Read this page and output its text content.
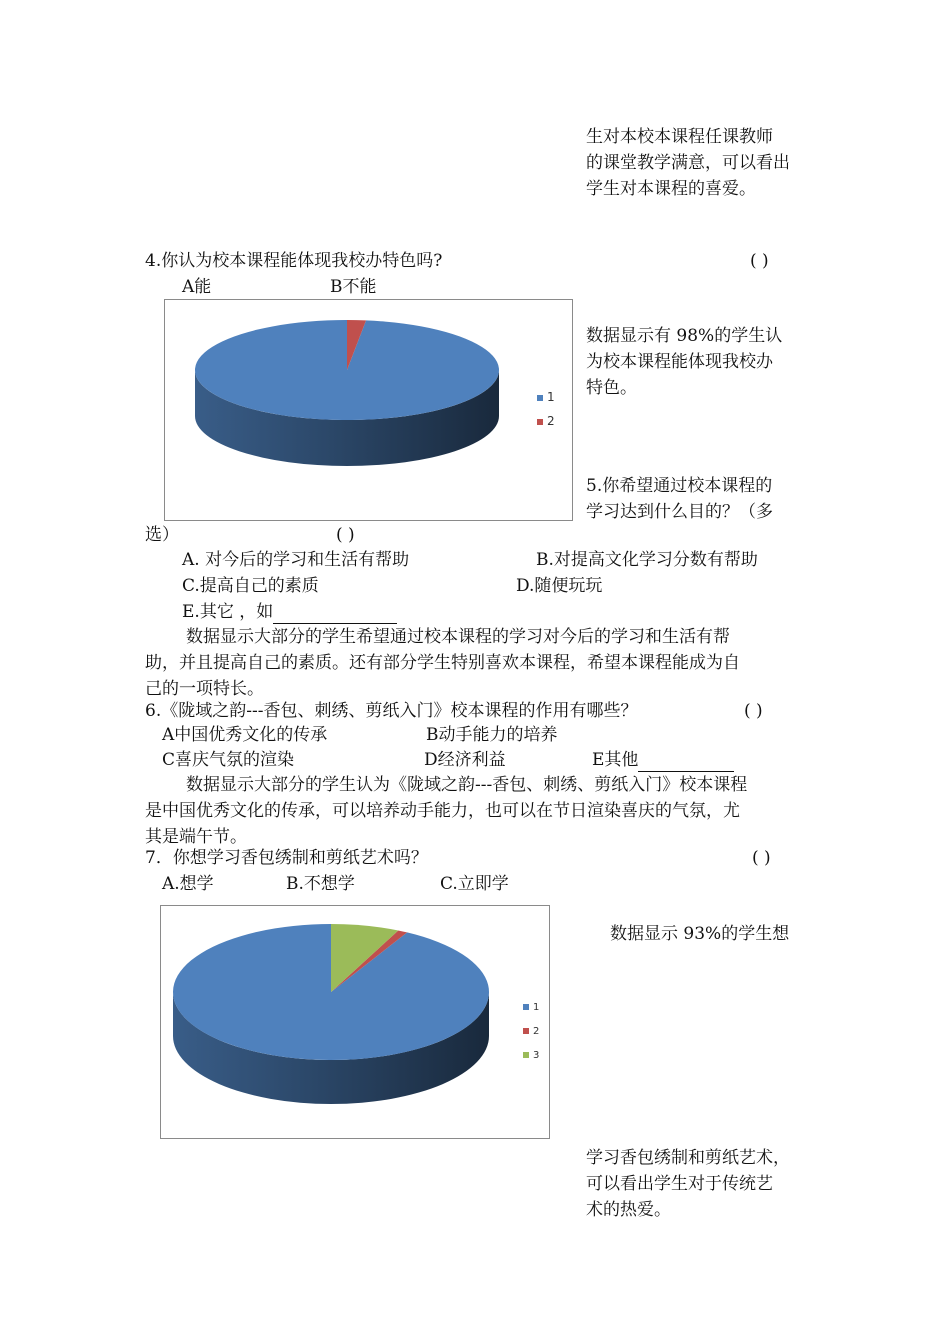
生对本校本课程任课教师
的课堂教学满意，可以看出
学生对本课程的喜爱。
4.你认为校本课程能体现我校办特色吗?	( )
A能	B不能
1
2
数据显示有 98%的学生认
为校本课程能体现我校办
特色。
5.你希望通过校本课程的
学习达到什么目的？（多
选）	( )
A. 对今后的学习和生活有帮助	B.对提高文化学习分数有帮助
C.提高自己的素质	D.随便玩玩
E.其它 ，如
数据显示大部分的学生希望通过校本课程的学习对今后的学习和生活有帮
助，并且提高自己的素质。还有部分学生特别喜欢本课程，希望本课程能成为自
己的一项特长。
6.《陇域之韵---香包、刺绣、剪纸入门》校本课程的作用有哪些？	( )
A中国优秀文化的传承	B动手能力的培养
C喜庆气氛的渲染	D经济利益	E其他
数据显示大部分的学生认为《陇域之韵---香包、刺绣、剪纸入门》校本课程
是中国优秀文化的传承，可以培养动手能力，也可以在节日渲染喜庆的气氛，尤
其是端午节。
7．你想学习香包绣制和剪纸艺术吗？	( )
A.想学	B.不想学	C.立即学
1
2
3
数据显示 93%的学生想
学习香包绣制和剪纸艺术，
可以看出学生对于传统艺
术的热爱。
